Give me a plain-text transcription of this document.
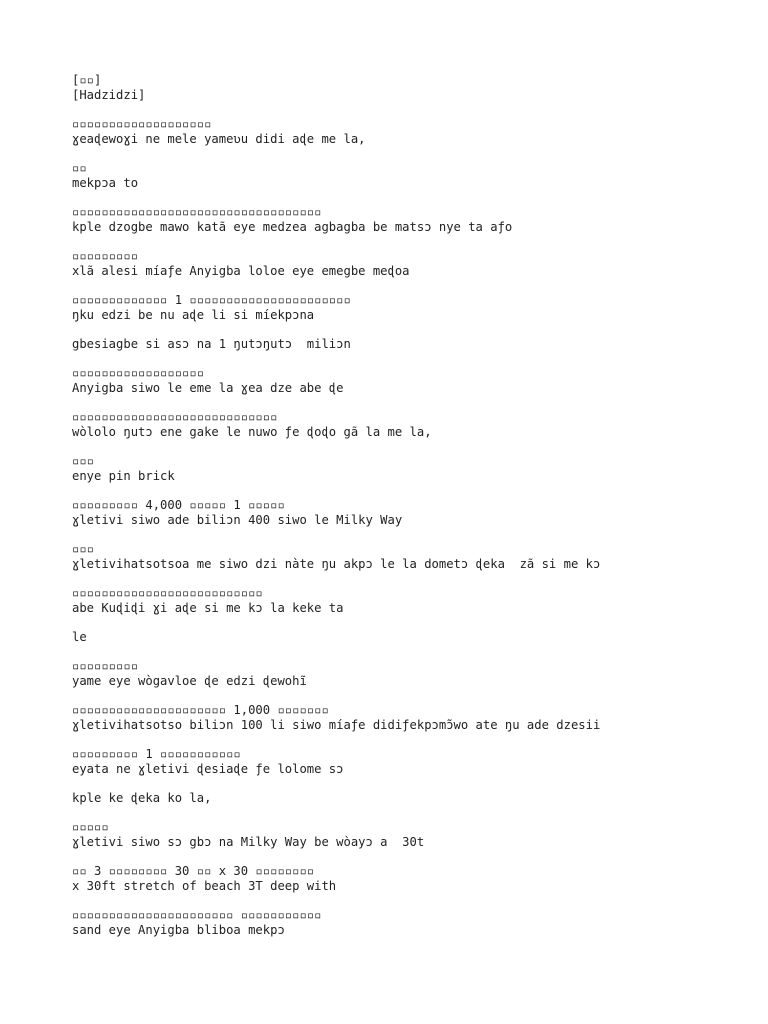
[▫▫]
[Hadzidzi]
▫▫▫▫▫▫▫▫▫▫▫▫▫▫▫▫▫▫▫
ɣeaɖewoɣi ne mele yameʋu didi aɖe me la,
▫▫
mekpɔa to
▫▫▫▫▫▫▫▫▫▫▫▫▫▫▫▫▫▫▫▫▫▫▫▫▫▫▫▫▫▫▫▫▫▫
kple dzogbe mawo katã eye medzea agbagba be matsɔ nye ta aƒo
▫▫▫▫▫▫▫▫▫
xlã alesi míaƒe Anyigba loloe eye emegbe meɖoa
▫▫▫▫▫▫▫▫▫▫▫▫▫ 1 ▫▫▫▫▫▫▫▫▫▫▫▫▫▫▫▫▫▫▫▫▫▫
ŋku edzi be nu aɖe li si míekpɔna
gbesiagbe si asɔ na 1 ŋutɔŋutɔ  miliɔn
▫▫▫▫▫▫▫▫▫▫▫▫▫▫▫▫▫▫
Anyigba siwo le eme la ɣea dze abe ɖe
▫▫▫▫▫▫▫▫▫▫▫▫▫▫▫▫▫▫▫▫▫▫▫▫▫▫▫▫
wòlolo ŋutɔ ene gake le nuwo ƒe ɖoɖo gã la me la,
▫▫▫
enye pin brick
▫▫▫▫▫▫▫▫▫ 4,000 ▫▫▫▫▫ 1 ▫▫▫▫▫
ɣletivi siwo ade biliɔn 400 siwo le Milky Way
▫▫▫
ɣletivihatsotsoa me siwo dzi nàte ŋu akpɔ le la dometɔ ɖeka  zã si me kɔ
▫▫▫▫▫▫▫▫▫▫▫▫▫▫▫▫▫▫▫▫▫▫▫▫▫▫
abe Kuɖiɖi ɣi aɖe si me kɔ la keke ta
le
▫▫▫▫▫▫▫▫▫
yame eye wògavloe ɖe edzi ɖewohĩ
▫▫▫▫▫▫▫▫▫▫▫▫▫▫▫▫▫▫▫▫▫ 1,000 ▫▫▫▫▫▫▫
ɣletivihatsotso biliɔn 100 li siwo míaƒe didiƒekpɔmɔ̃wo ate ŋu ade dzesii
▫▫▫▫▫▫▫▫▫ 1 ▫▫▫▫▫▫▫▫▫▫▫
eyata ne ɣletivi ɖesiaɖe ƒe lolome sɔ
kple ke ɖeka ko la,
▫▫▫▫▫
ɣletivi siwo sɔ gbɔ na Milky Way be wòayɔ a  30t
▫▫ 3 ▫▫▫▫▫▫▫▫ 30 ▫▫ x 30 ▫▫▫▫▫▫▫▫
x 30ft stretch of beach 3T deep with
▫▫▫▫▫▫▫▫▫▫▫▫▫▫▫▫▫▫▫▫▫▫ ▫▫▫▫▫▫▫▫▫▫▫
sand eye Anyigba bliboa mekpɔ
